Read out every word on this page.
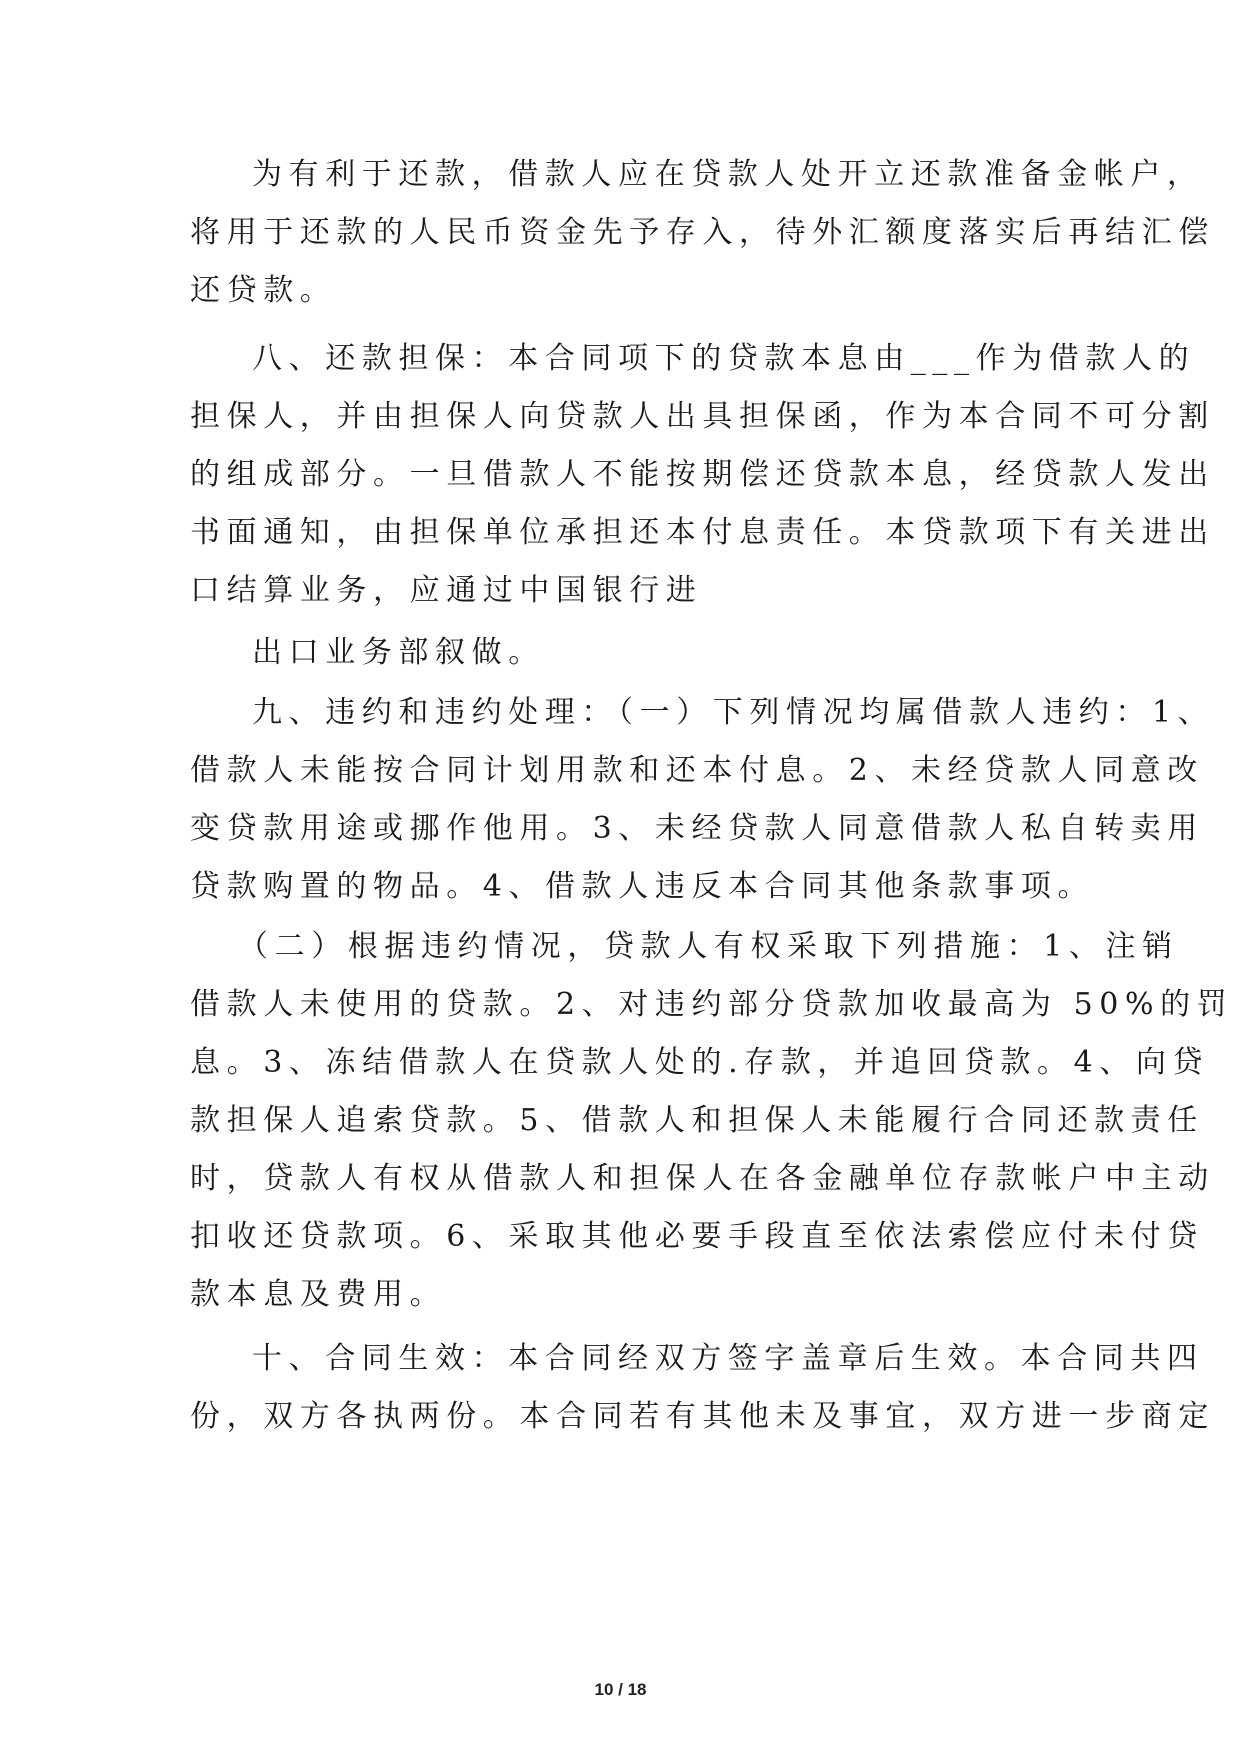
为有利于还款，借款人应在贷款人处开立还款准备金帐户，
将用于还款的人民币资金先予存入，待外汇额度落实后再结汇偿
还贷款。
八、还款担保：本合同项下的贷款本息由___作为借款人的
担保人，并由担保人向贷款人出具担保函，作为本合同不可分割
的组成部分。一旦借款人不能按期偿还贷款本息，经贷款人发出
书面通知，由担保单位承担还本付息责任。本贷款项下有关进出
口结算业务，应通过中国银行进
出口业务部叙做。
九、违约和违约处理：（一）下列情况均属借款人违约：1、
借款人未能按合同计划用款和还本付息。2、未经贷款人同意改
变贷款用途或挪作他用。3、未经贷款人同意借款人私自转卖用
贷款购置的物品。4、借款人违反本合同其他条款事项。
（二）根据违约情况，贷款人有权采取下列措施：1、注销
借款人未使用的贷款。2、对违约部分贷款加收最高为 50%的罚
息。3、冻结借款人在贷款人处的.存款，并追回贷款。4、向贷
款担保人追索贷款。5、借款人和担保人未能履行合同还款责任
时，贷款人有权从借款人和担保人在各金融单位存款帐户中主动
扣收还贷款项。6、采取其他必要手段直至依法索偿应付未付贷
款本息及费用。
十、合同生效：本合同经双方签字盖章后生效。本合同共四
份，双方各执两份。本合同若有其他未及事宜，双方进一步商定
10 / 18
